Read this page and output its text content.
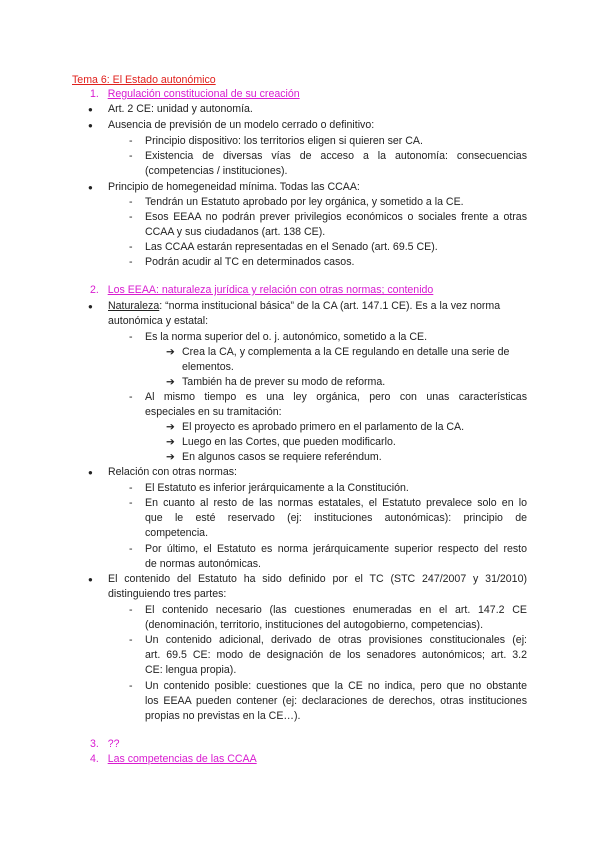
Tema 6: El Estado autonómico
1. Regulación constitucional de su creación
● Art. 2 CE: unidad y autonomía.
● Ausencia de previsión de un modelo cerrado o definitivo:
- Principio dispositivo: los territorios eligen si quieren ser CA.
- Existencia de diversas vías de acceso a la autonomía: consecuencias
(competencias / instituciones).
● Principio de homegeneidad mínima. Todas las CCAA:
- Tendrán un Estatuto aprobado por ley orgánica, y sometido a la CE.
- Esos EEAA no podrán prever privilegios económicos o sociales frente a otras
CCAA y sus ciudadanos (art. 138 CE).
- Las CCAA estarán representadas en el Senado (art. 69.5 CE).
- Podrán acudir al TC en determinados casos.
2. Los EEAA: naturaleza jurídica y relación con otras normas; contenido
● Naturaleza: “norma institucional básica” de la CA (art. 147.1 CE). Es a la vez norma
autonómica y estatal:
- Es la norma superior del o. j. autonómico, sometido a la CE.
➔ Crea la CA, y complementa a la CE regulando en detalle una serie de
elementos.
➔ También ha de prever su modo de reforma.
- Al mismo tiempo es una ley orgánica, pero con unas características
especiales en su tramitación:
➔ El proyecto es aprobado primero en el parlamento de la CA.
➔ Luego en las Cortes, que pueden modificarlo.
➔ En algunos casos se requiere referéndum.
● Relación con otras normas:
- El Estatuto es inferior jerárquicamente a la Constitución.
- En cuanto al resto de las normas estatales, el Estatuto prevalece solo en lo
que le esté reservado (ej: instituciones autonómicas): principio de
competencia.
- Por último, el Estatuto es norma jerárquicamente superior respecto del resto
de normas autonómicas.
● El contenido del Estatuto ha sido definido por el TC (STC 247/2007 y 31/2010)
distinguiendo tres partes:
- El contenido necesario (las cuestiones enumeradas en el art. 147.2 CE
(denominación, territorio, instituciones del autogobierno, competencias).
- Un contenido adicional, derivado de otras provisiones constitucionales (ej:
art. 69.5 CE: modo de designación de los senadores autonómicos; art. 3.2
CE: lengua propia).
- Un contenido posible: cuestiones que la CE no indica, pero que no obstante
los EEAA pueden contener (ej: declaraciones de derechos, otras instituciones
propias no previstas en la CE…).
3. ??
4. Las competencias de las CCAA
